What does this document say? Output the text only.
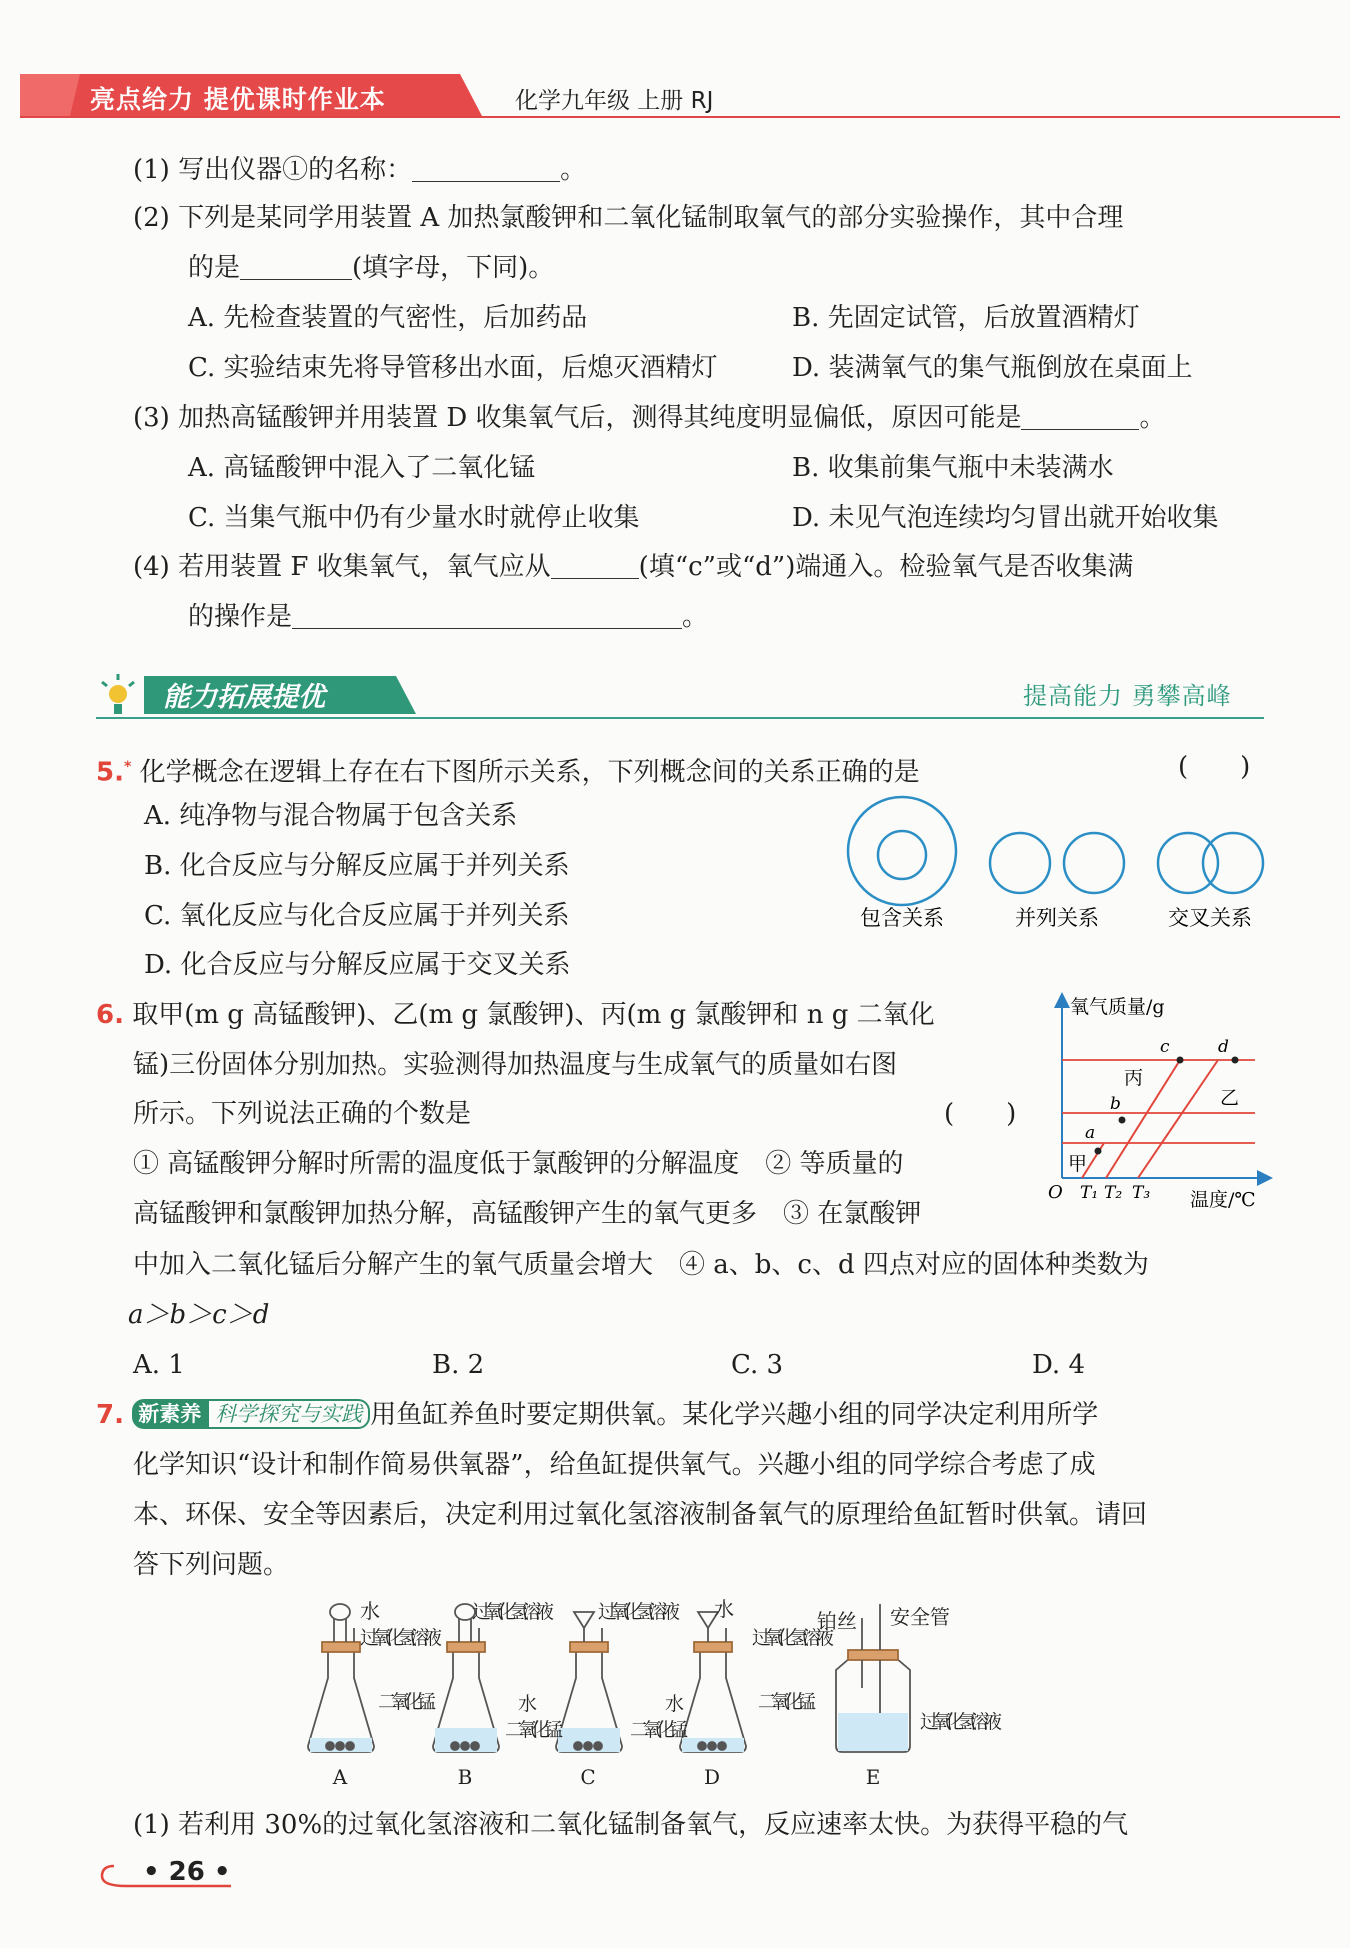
亮点给力 提优课时作业本	化学九年级 上册 RJ
(1) 写出仪器①的名称：	。
(2) 下列是某同学用装置 A 加热氯酸钾和二氧化锰制取氧气的部分实验操作，其中合理
的是	(填字母，下同)。
A. 先检查装置的气密性，后加药品	B. 先固定试管，后放置酒精灯
C. 实验结束先将导管移出水面，后熄灭酒精灯	D. 装满氧气的集气瓶倒放在桌面上
(3) 加热高锰酸钾并用装置 D 收集氧气后，测得其纯度明显偏低，原因可能是	。
A. 高锰酸钾中混入了二氧化锰	B. 收集前集气瓶中未装满水
C. 当集气瓶中仍有少量水时就停止收集	D. 未见气泡连续均匀冒出就开始收集
(4) 若用装置 F 收集氧气，氧气应从	(填“c”或“d”)端通入。检验氧气是否收集满
的操作是	。
能力拓展提优	提高能力 勇攀高峰
5.* 化学概念在逻辑上存在右下图所示关系，下列概念间的关系正确的是	(　　)
A. 纯净物与混合物属于包含关系
B. 化合反应与分解反应属于并列关系
C. 氧化反应与化合反应属于并列关系
D. 化合反应与分解反应属于交叉关系
包含关系	并列关系	交叉关系
6. 取甲(m g 高锰酸钾)、乙(m g 氯酸钾)、丙(m g 氯酸钾和 n g 二氧化
锰)三份固体分别加热。实验测得加热温度与生成氧气的质量如右图
所示。下列说法正确的个数是	(　　)
① 高锰酸钾分解时所需的温度低于氯酸钾的分解温度　② 等质量的
高锰酸钾和氯酸钾加热分解，高锰酸钾产生的氧气更多　③ 在氯酸钾
中加入二氧化锰后分解产生的氧气质量会增大　④ a、b、c、d 四点对应的固体种类数为
a＞b＞c＞d
A. 1	B. 2	C. 3	D. 4
氧气质量/g
温度/℃
O T₁ T₂ T₃
a
b
c	d
甲
乙
丙
7. 新素养 科学探究与实践 用鱼缸养鱼时要定期供氧。某化学兴趣小组的同学决定利用所学
化学知识“设计和制作简易供氧器”，给鱼缸提供氧气。兴趣小组的同学综合考虑了成
本、环保、安全等因素后，决定利用过氧化氢溶液制备氧气的原理给鱼缸暂时供氧。请回
答下列问题。
水
过氧化氢溶液
二氧化锰
A
过氧化氢溶液
水
二氧化锰
B
过氧化氢溶液
水
二氧化锰
C
水
过氧化氢溶液
二氧化锰
D
铂丝 安全管
过氧化氢溶液
E
(1) 若利用 30%的过氧化氢溶液和二氧化锰制备氧气，反应速率太快。为获得平稳的气
• 26 •
